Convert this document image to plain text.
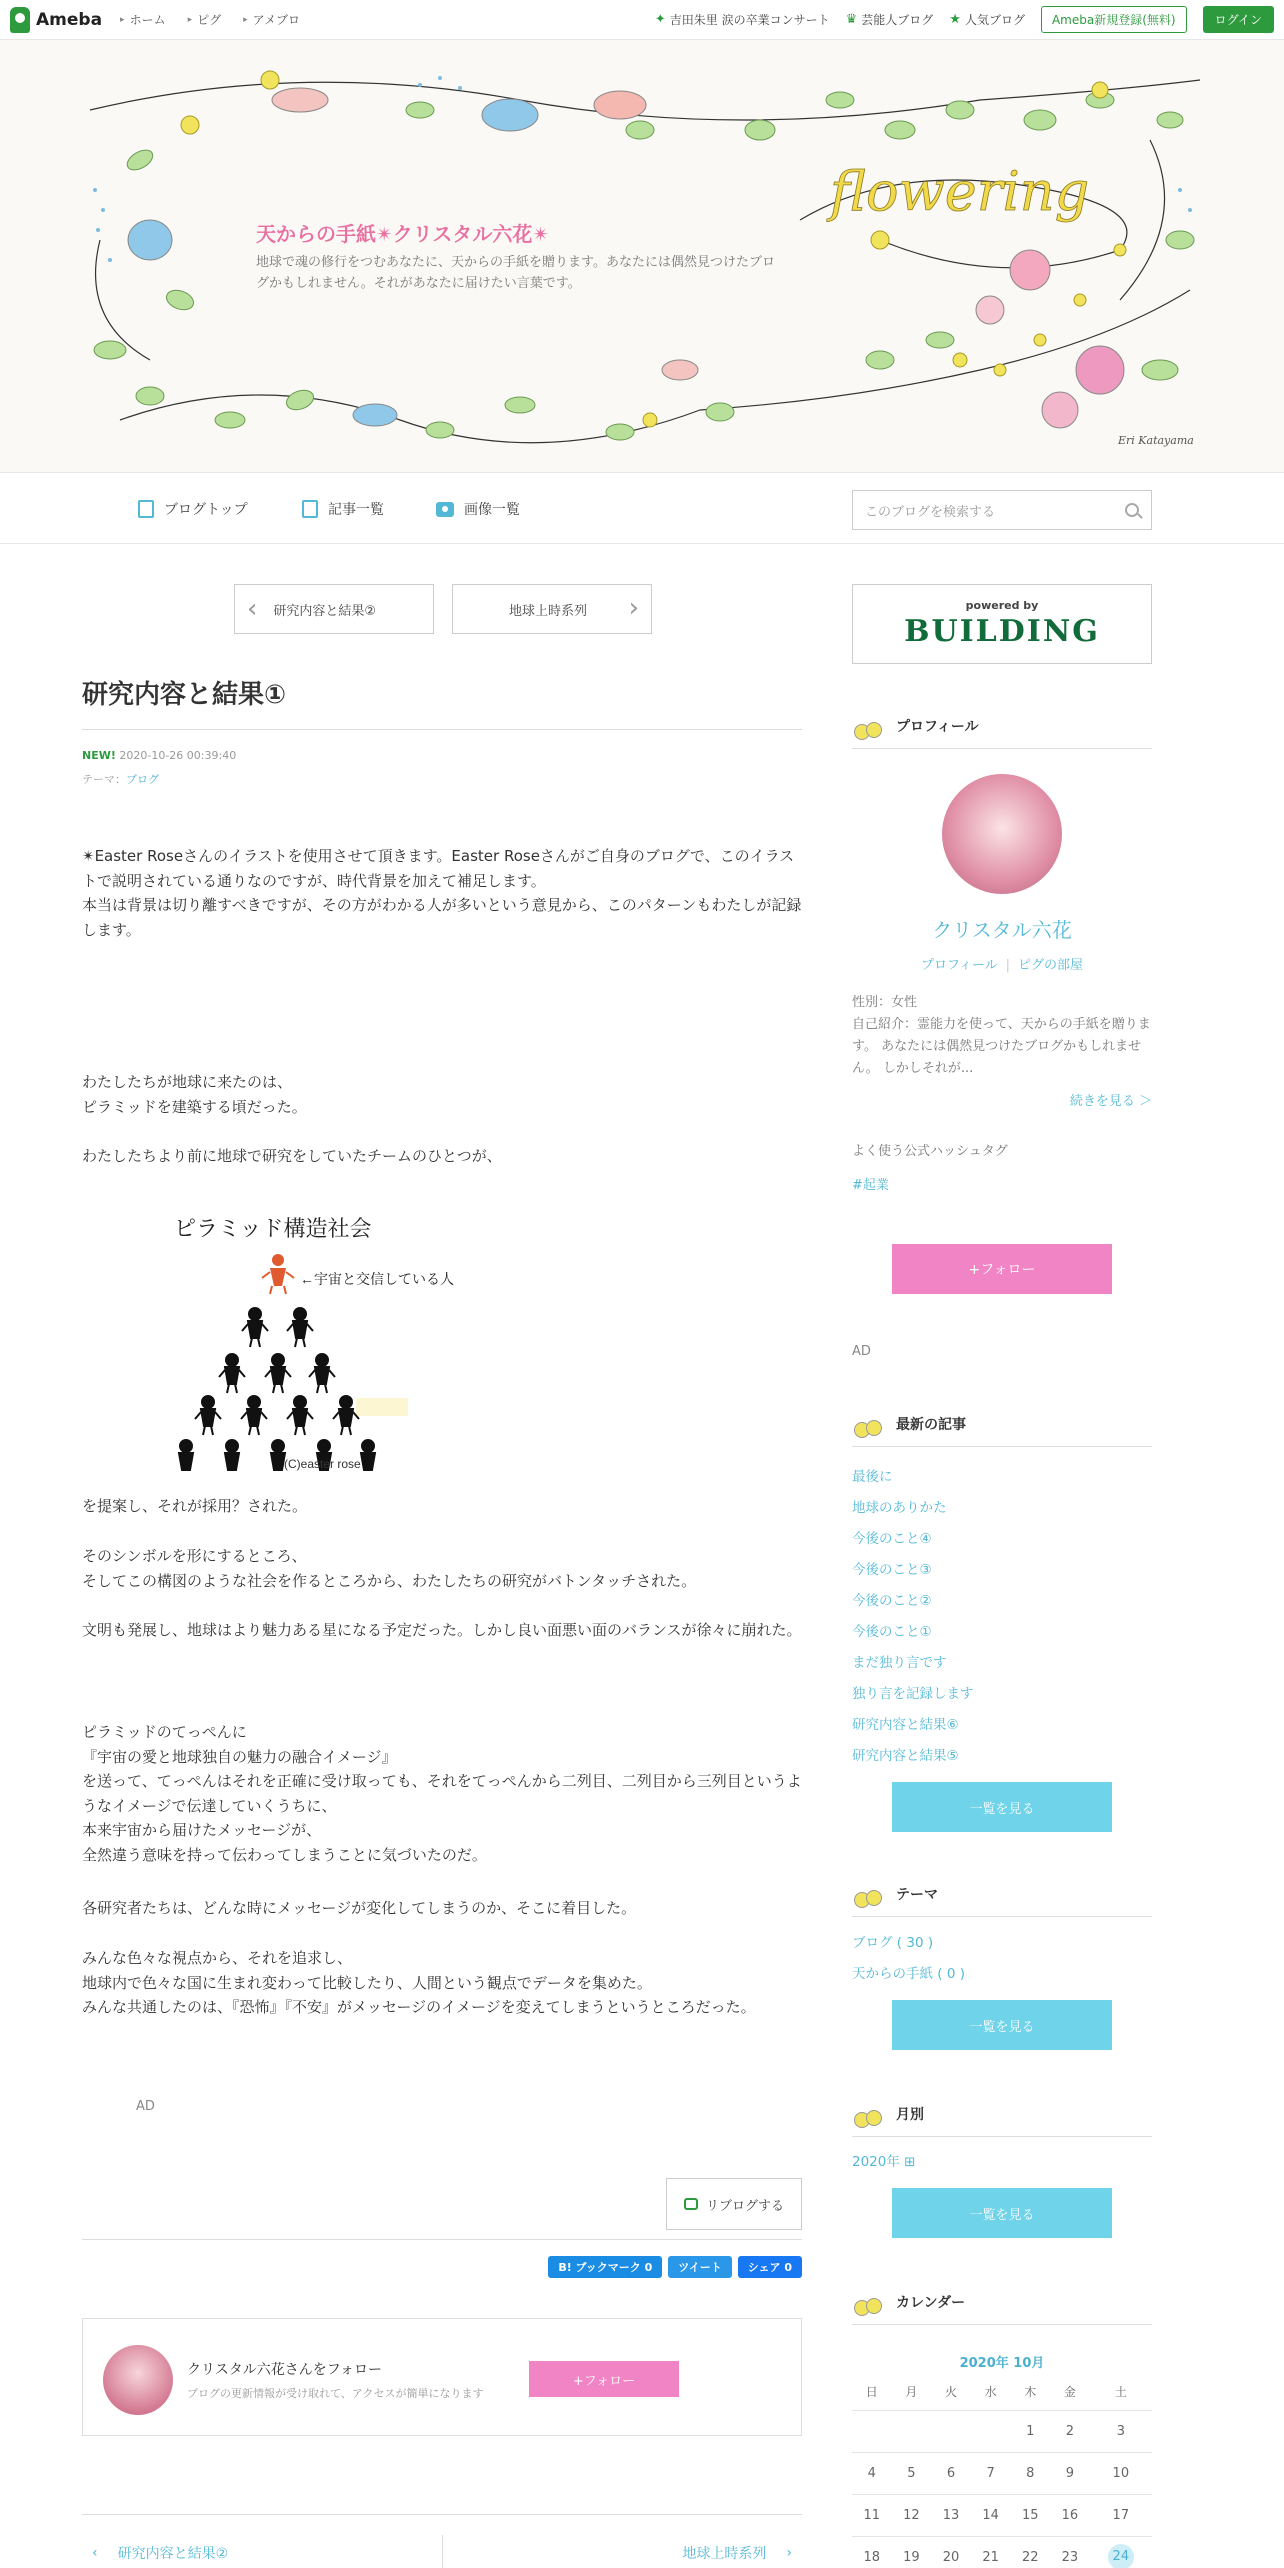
Ameba ▸ ホーム ▸ ピグ ▸ アメブロ	✦ 吉田朱里 涙の卒業コンサート ♛ 芸能人ブログ ★ 人気ブログ	Ameba新規登録(無料)	ログイン
flowering
天からの手紙✴︎クリスタル六花✴︎
地球で魂の修行をつむあなたに、天からの手紙を贈ります。あなたには偶然見つけたブログかもしれません。それがあなたに届けたい言葉です。
Eri Katayama
ブログトップ	記事一覧	画像一覧	このブログを検索する
‹ 研究内容と結果②	地球上時系列 ›
研究内容と結果①
NEW! 2020-10-26 00:39:40
テーマ：ブログ
✴︎Easter Roseさんのイラストを使用させて頂きます。Easter Roseさんがご自身のブログで、このイラストで説明されている通りなのですが、時代背景を加えて補足します。
本当は背景は切り離すべきですが、その方がわかる人が多いという意見から、このパターンもわたしが記録します。
わたしたちが地球に来たのは、
ピラミッドを建築する頃だった。
わたしたちより前に地球で研究をしていたチームのひとつが、
ピラミッド構造社会
←宇宙と交信している人
(C)easter rose
を提案し、それが採用？された。
そのシンボルを形にするところ、
そしてこの構図のような社会を作るところから、わたしたちの研究がバトンタッチされた。
文明も発展し、地球はより魅力ある星になる予定だった。しかし良い面悪い面のバランスが徐々に崩れた。
ピラミッドのてっぺんに
『宇宙の愛と地球独自の魅力の融合イメージ』
を送って、てっぺんはそれを正確に受け取っても、それをてっぺんから二列目、二列目から三列目というようなイメージで伝達していくうちに、
本来宇宙から届けたメッセージが、
全然違う意味を持って伝わってしまうことに気づいたのだ。
各研究者たちは、どんな時にメッセージが変化してしまうのか、そこに着目した。
みんな色々な視点から、それを追求し、
地球内で色々な国に生まれ変わって比較したり、人間という観点でデータを集めた。
みんな共通したのは、『恐怖』『不安』がメッセージのイメージを変えてしまうというところだった。
AD
リブログする
B! ブックマーク 0	ツイート	シェア 0
クリスタル六花さんをフォロー
ブログの更新情報が受け取れて、アクセスが簡単になります
+フォロー
‹ 研究内容と結果②	地球上時系列 ›
powered by
BUILDING
プロフィール
クリスタル六花
プロフィール | ピグの部屋
性別：女性
自己紹介：霊能力を使って、天からの手紙を贈ります。 あなたには偶然見つけたブログかもしれません。 しかしそれが...
続きを見る ＞
よく使う公式ハッシュタグ
#起業
+フォロー
AD
最新の記事
最後に
地球のありかた
今後のこと④
今後のこと③
今後のこと②
今後のこと①
まだ独り言です
独り言を記録します
研究内容と結果⑥
研究内容と結果⑤
一覧を見る
テーマ
ブログ ( 30 )
天からの手紙 ( 0 )
一覧を見る
月別
2020年 ⊞
一覧を見る
カレンダー
2020年 10月
日	月	火	水	木	金	土
				1	2	3
4	5	6	7	8	9	10
11	12	13	14	15	16	17
18	19	20	21	22	23	24
